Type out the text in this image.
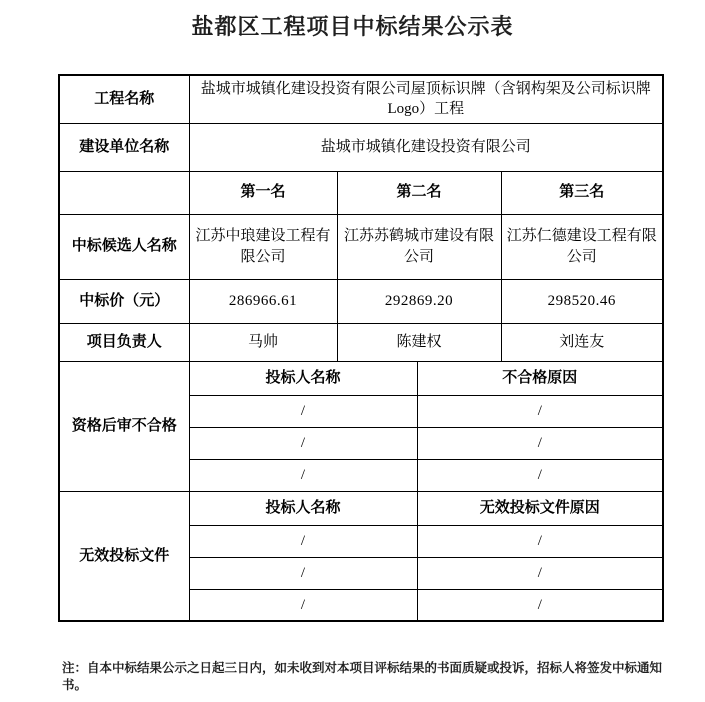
盐都区工程项目中标结果公示表
工程名称	盐城市城镇化建设投资有限公司屋顶标识牌（含钢构架及公司标识牌 Logo）工程			
建设单位名称	盐城市城镇化建设投资有限公司			
	第一名	第二名		第三名
中标候选人名称	江苏中琅建设工程有限公司	江苏苏鹤城市建设有限公司		江苏仁德建设工程有限公司
中标价（元）	286966.61	292869.20		298520.46
项目负责人	马帅	陈建权		刘连友
资格后审不合格	投标人名称		不合格原因	
	/		/	
	/		/	
	/		/	
无效投标文件	投标人名称		无效投标文件原因	
	/		/	
	/		/	
	/		/	
注：自本中标结果公示之日起三日内，如未收到对本项目评标结果的书面质疑或投诉，招标人将签发中标通知书。
